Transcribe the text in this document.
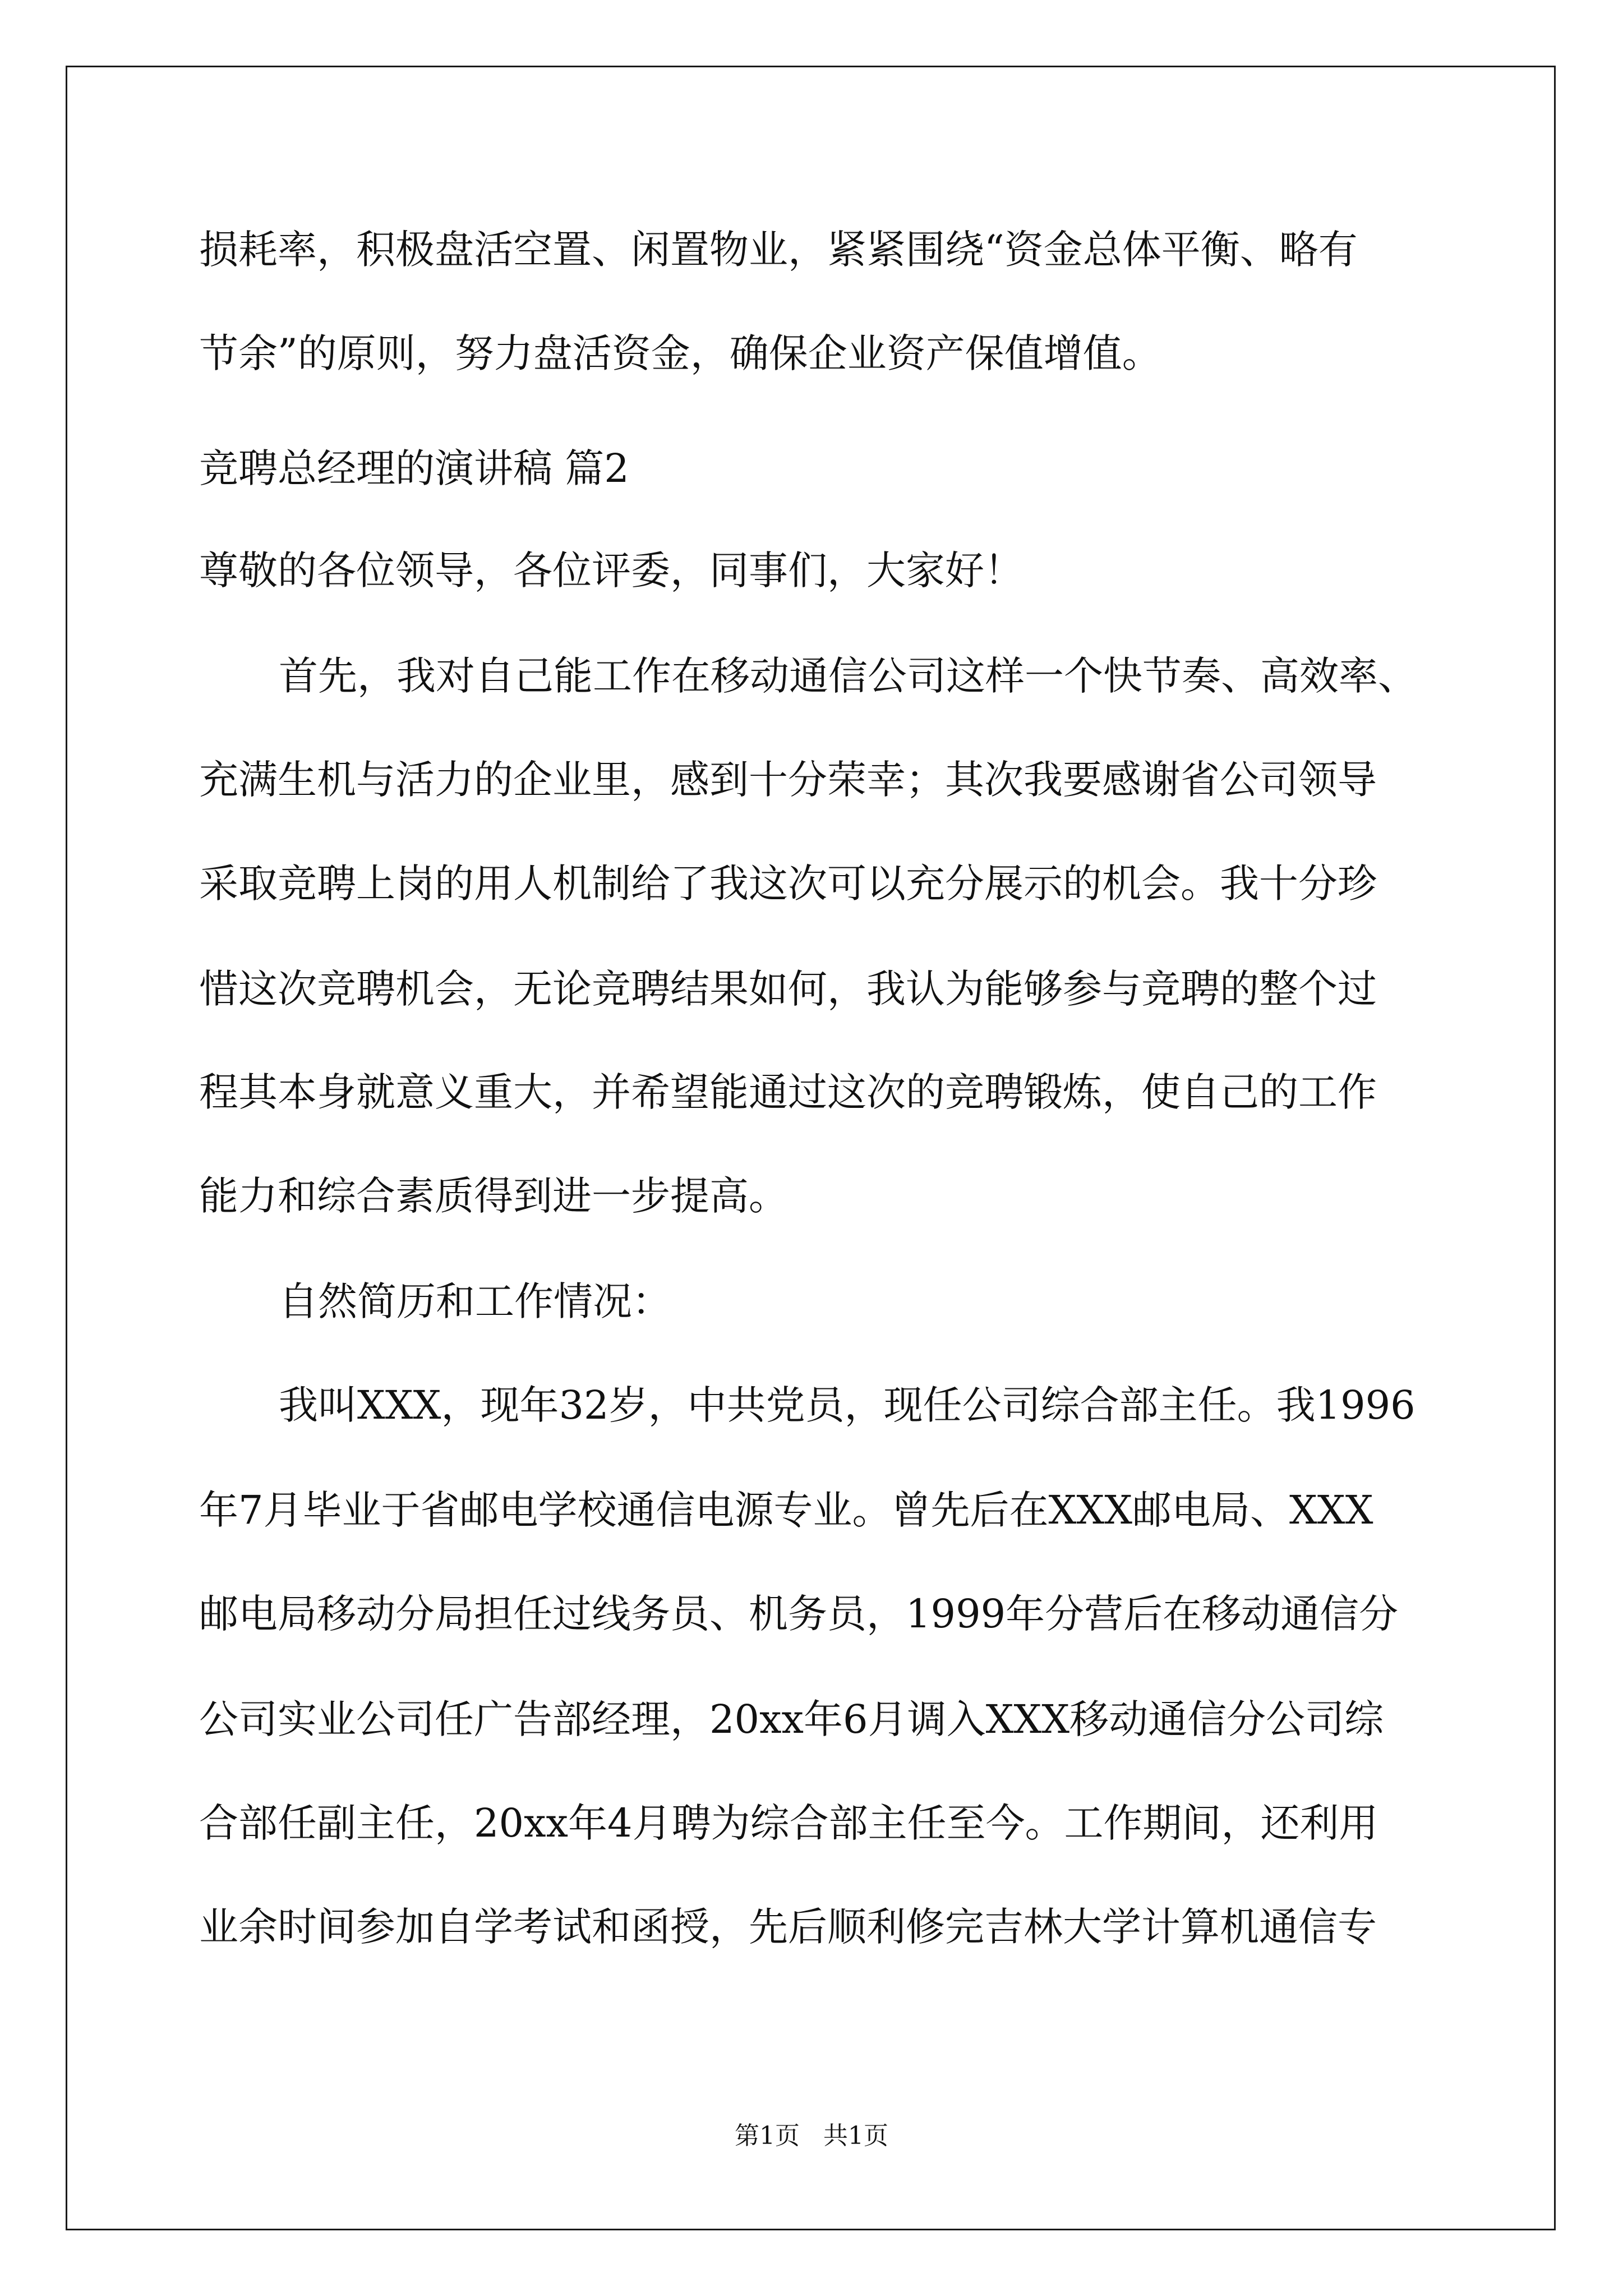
损耗率，积极盘活空置、闲置物业，紧紧围绕“资金总体平衡、略有

节余”的原则，努力盘活资金，确保企业资产保值增值。

竞聘总经理的演讲稿 篇2

尊敬的各位领导，各位评委，同事们，大家好！

首先，我对自己能工作在移动通信公司这样一个快节奏、高效率、

充满生机与活力的企业里，感到十分荣幸；其次我要感谢省公司领导

采取竞聘上岗的用人机制给了我这次可以充分展示的机会。我十分珍

惜这次竞聘机会，无论竞聘结果如何，我认为能够参与竞聘的整个过

程其本身就意义重大，并希望能通过这次的竞聘锻炼，使自己的工作

能力和综合素质得到进一步提高。

自然简历和工作情况：

我叫XXX，现年32岁，中共党员，现任公司综合部主任。我1996

年7月毕业于省邮电学校通信电源专业。曾先后在XXX邮电局、XXX

邮电局移动分局担任过线务员、机务员，1999年分营后在移动通信分

公司实业公司任广告部经理，20xx年6月调入XXX移动通信分公司综

合部任副主任，20xx年4月聘为综合部主任至今。工作期间，还利用

业余时间参加自学考试和函授，先后顺利修完吉林大学计算机通信专

第1页   共1页
